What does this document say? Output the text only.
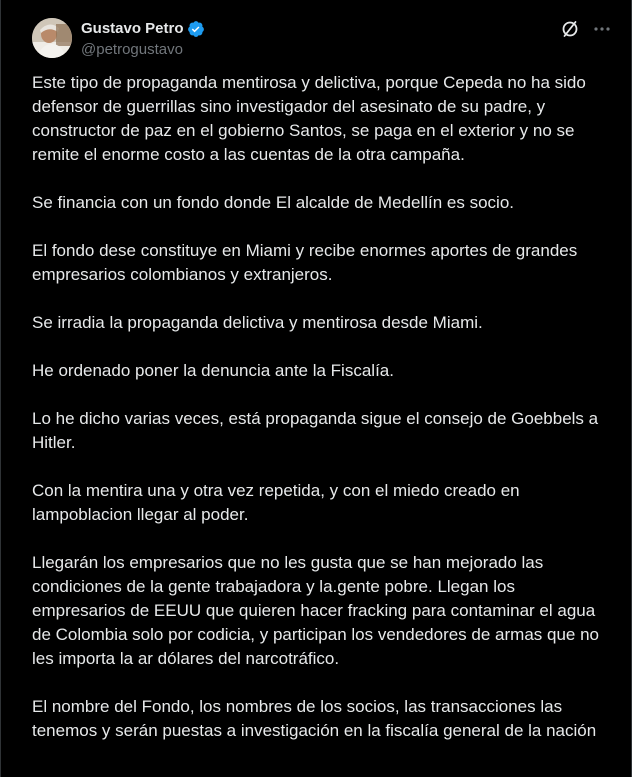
Gustavo Petro
@petrogustavo

Este tipo de propaganda mentirosa y delictiva, porque Cepeda no ha sido defensor de guerrillas sino investigador del asesinato de su padre, y constructor de paz en el gobierno Santos, se paga en el exterior y no se remite el enorme costo a las cuentas de la otra campaña.

Se financia con un fondo donde El alcalde de Medellín es socio.

El fondo dese constituye en Miami y recibe enormes aportes de grandes empresarios colombianos y extranjeros.

Se irradia la propaganda delictiva y mentirosa desde Miami.

He ordenado poner la denuncia ante la Fiscalía.

Lo he dicho varias veces, está propaganda sigue el consejo de Goebbels a Hitler.

Con la mentira una y otra vez repetida, y con el miedo creado en lampoblacion llegar al poder.

Llegarán los empresarios que no les gusta que se han mejorado las condiciones de la gente trabajadora y la.gente pobre. Llegan los empresarios de EEUU que quieren hacer fracking para contaminar el agua de Colombia solo por codicia, y participan los vendedores de armas que no les importa la ar dólares del narcotráfico.

El nombre del Fondo, los nombres de los socios, las transacciones las tenemos y serán puestas a investigación en la fiscalía general de la nación
